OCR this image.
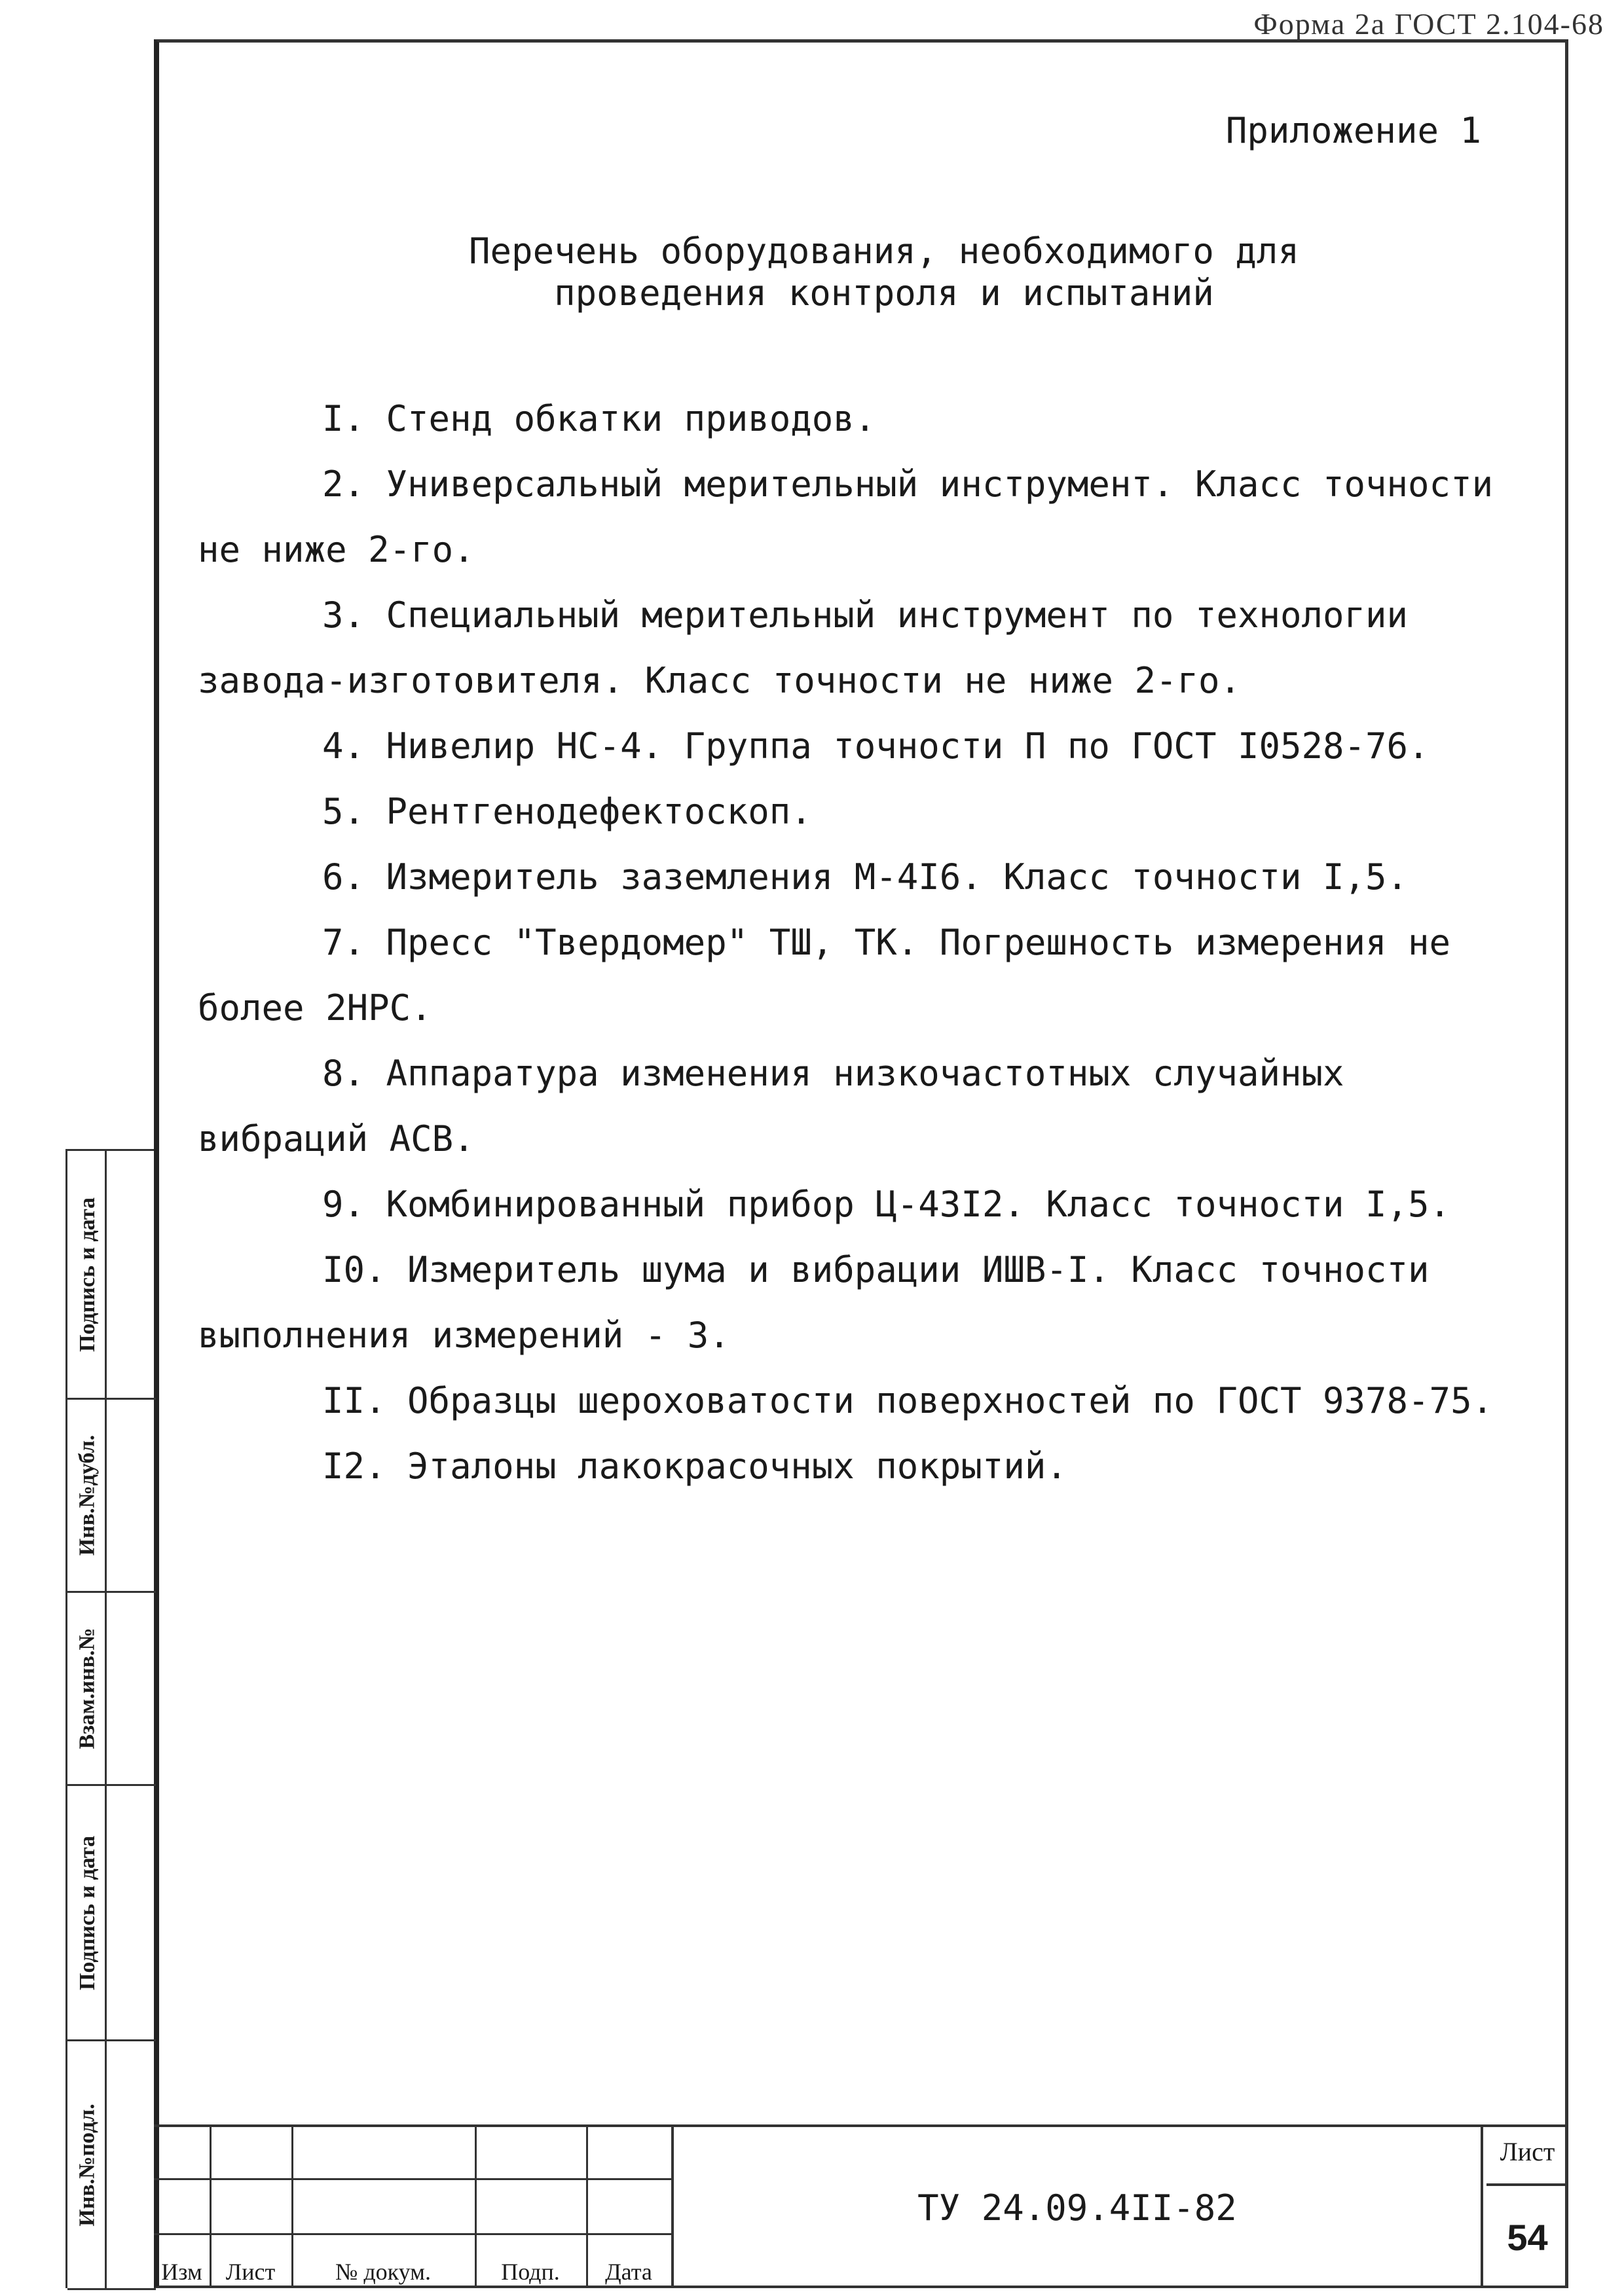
Форма 2а ГОСТ 2.104-68
Приложение 1
Перечень оборудования, необходимого для
проведения контроля и испытаний

I. Стенд обкатки приводов.

2. Универсальный мерительный инструмент. Класс точности не ниже 2-го.

3. Специальный мерительный инструмент по технологии завода-изготовителя. Класс точности не ниже 2-го.

4. Нивелир НС-4. Группа точности П по ГОСТ I0528-76.

5. Рентгенодефектоскоп.

6. Измеритель заземления М-4I6. Класс точности I,5.

7. Пресс "Твердомер" ТШ, ТК. Погрешность измерения не более 2НРС.

8. Аппаратура изменения низкочастотных случайных вибраций АСВ.

9. Комбинированный прибор Ц-43I2. Класс точности I,5.

I0. Измеритель шума и вибрации ИШВ-I. Класс точности выполнения измерений - 3.

II. Образцы шероховатости поверхностей по ГОСТ 9378-75.

I2. Эталоны лакокрасочных покрытий.

Подпись и дата
Инв.№дубл.
Взам.инв.№
Подпись и дата
Инв.№подл.
Изм	Лист	№ докум.	Подп.	Дата
ТУ 24.09.4II-82
Лист
54
